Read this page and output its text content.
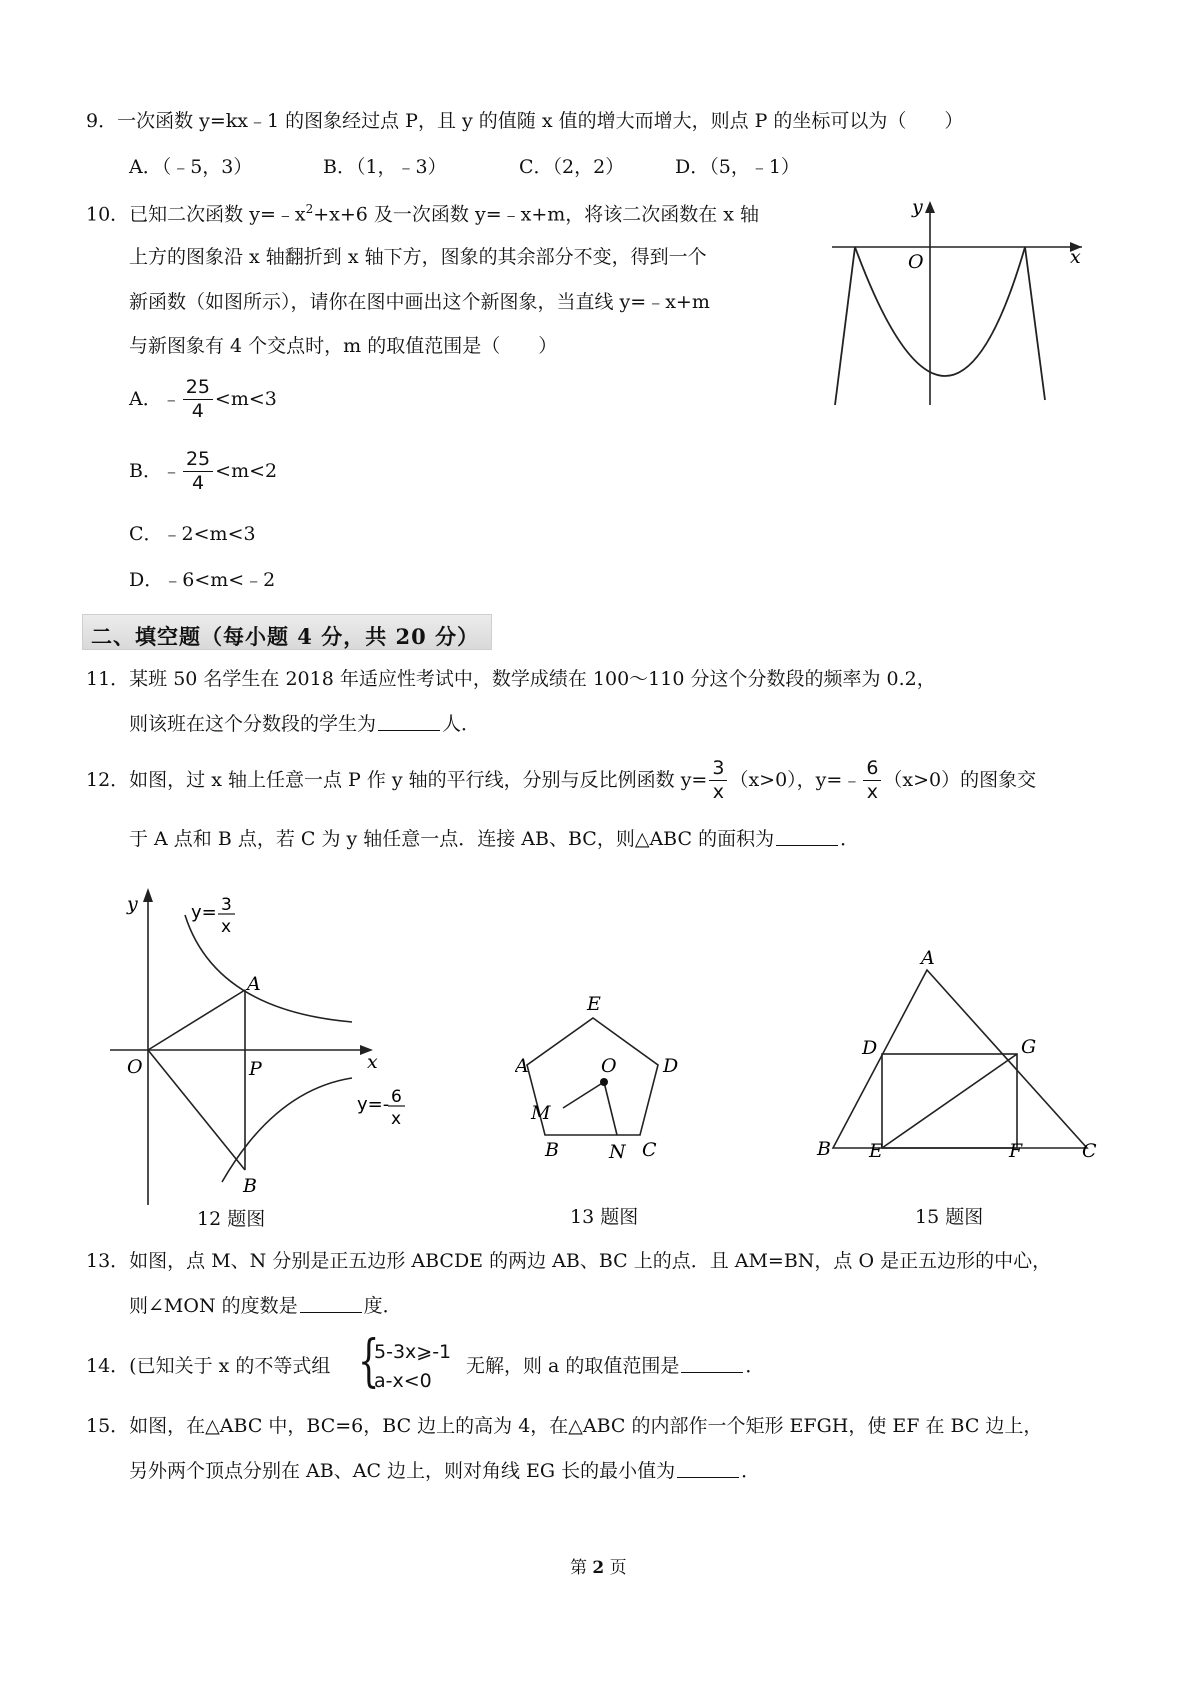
9．一次函数 y=kx﹣1 的图象经过点 P，且 y 的值随 x 值的增大而增大，则点 P 的坐标可以为（　　）
A．（﹣5，3）	B．（1，﹣3）	C．（2，2）	D．（5，﹣1）
10．已知二次函数 $y=﹣x^2+x+6$ 及一次函数 y=﹣x+m，将该二次函数在 x 轴
上方的图象沿 x 轴翻折到 x 轴下方，图象的其余部分不变，得到一个
新函数（如图所示），请你在图中画出这个新图象，当直线 y=﹣x+m
与新图象有 4 个交点时，m 的取值范围是（　　）
A．﹣ $\frac{25}{4} <m<3$
B．﹣ $\frac{25}{4} <m<2$
C．﹣2<m<3
D．﹣6<m<﹣2
y
x
O
二、填空题（每小题 4 分，共 20 分）
11．某班 50 名学生在 2018 年适应性考试中，数学成绩在 100～110 分这个分数段的频率为 0.2，
则该班在这个分数段的学生为	人．
12．如图，过 x 轴上任意一点 P 作 y 轴的平行线，分别与反比例函数 $y= \frac{3}{x} (x>0)$，y=﹣ $\frac{6}{x} (x>0)$的图象交
于 A 点和 B 点，若 C 为 y 轴任意一点．连接 AB、BC，则△ABC 的面积为	．
y
x
O
A
P
B
y= 3
x
y=- 6
x
12 题图
E
A	D
O
M
B	N C
13 题图
A
D	G
B E	F	C
15 题图
13．如图，点 M、N 分别是正五边形 ABCDE 的两边 AB、BC 上的点．且 AM=BN，点 O 是正五边形的中心，
则∠MON 的度数是	度．
14．(已知关于 x 的不等式组 {
5-3x⩾-1
a-x<0
无解，则 a 的取值范围是	．
15．如图，在△ABC 中，BC=6，BC 边上的高为 4，在△ABC 的内部作一个矩形 EFGH，使 EF 在 BC 边上，
另外两个顶点分别在 AB、AC 边上，则对角线 EG 长的最小值为	．
第 2 页
